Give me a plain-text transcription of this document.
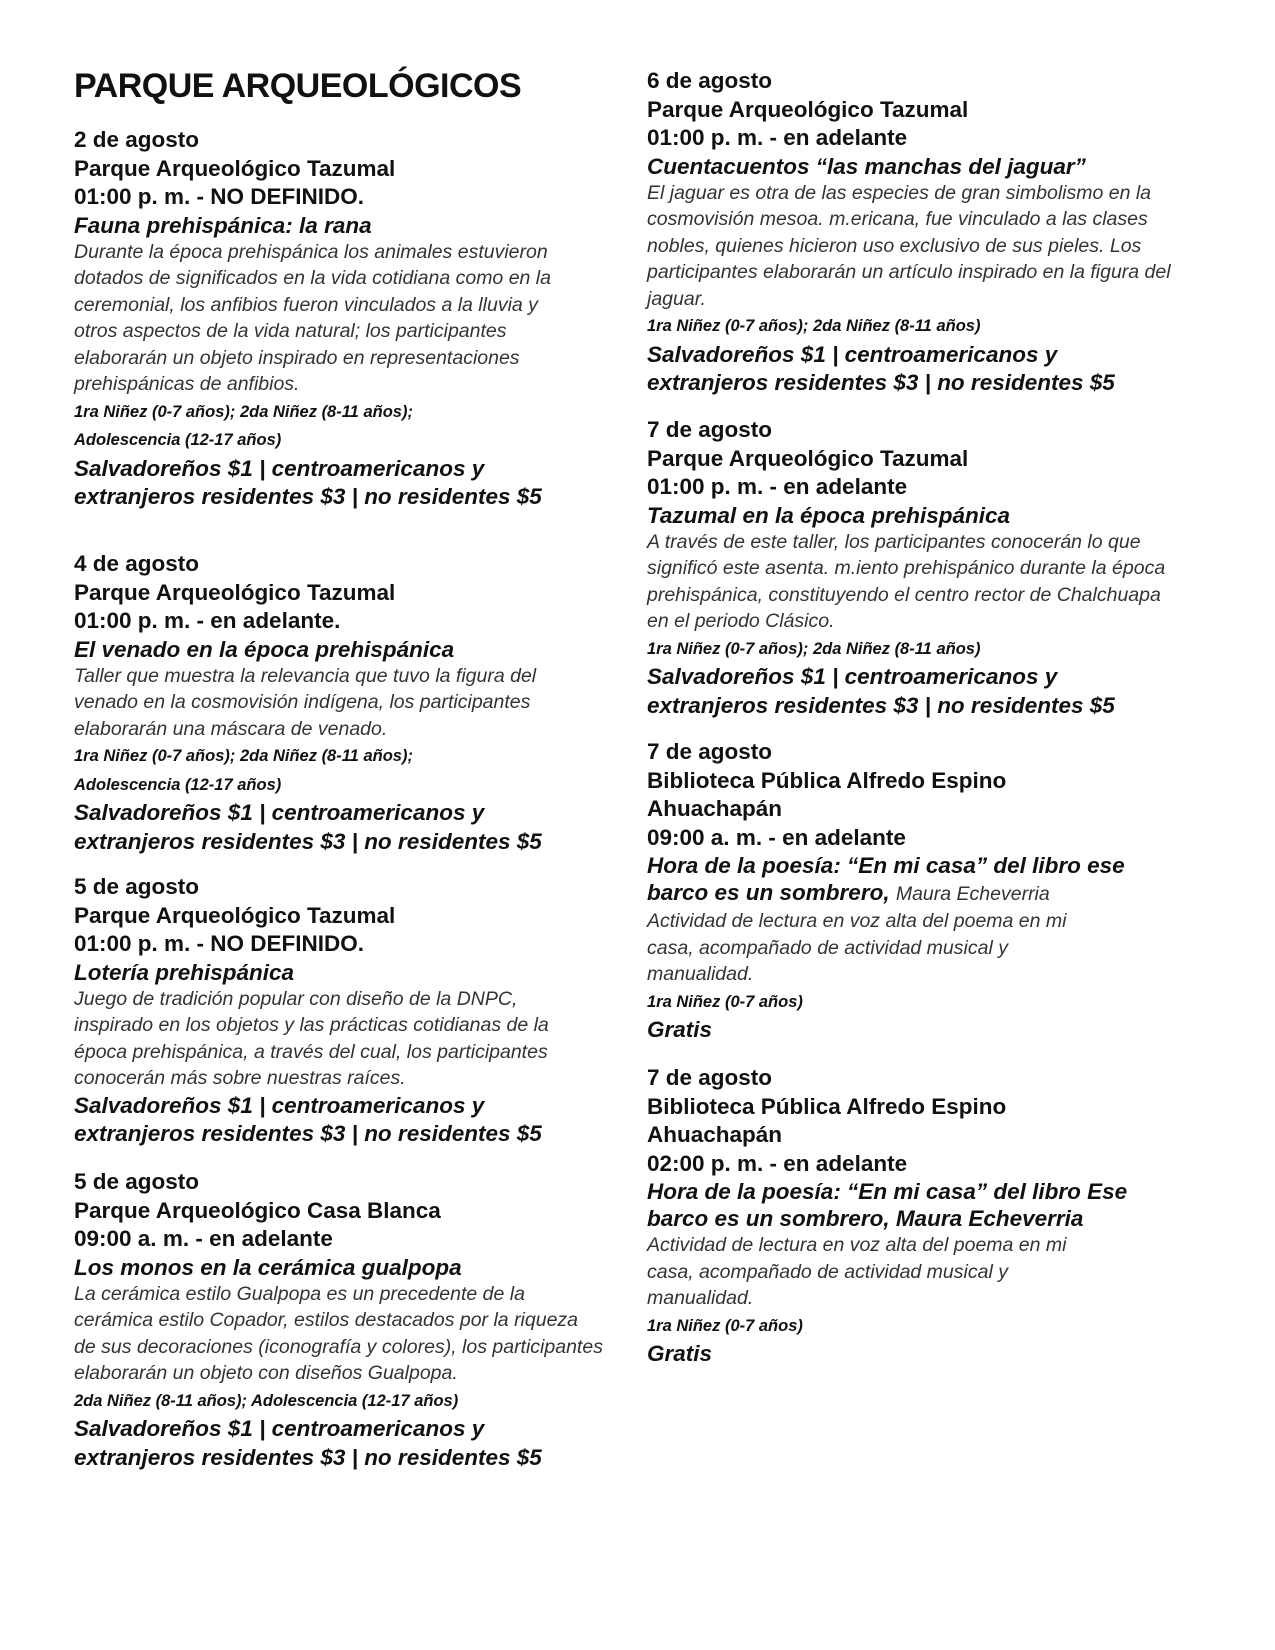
PARQUE ARQUEOLÓGICOS
2 de agosto
Parque Arqueológico Tazumal
01:00 p. m. - NO DEFINIDO.
Fauna prehispánica: la rana
Durante la época prehispánica los animales estuvieron dotados de significados en la vida cotidiana como en la ceremonial, los anfibios fueron vinculados a la lluvia y otros aspectos de la vida natural; los participantes elaborarán un objeto inspirado en representaciones prehispánicas de anfibios.
1ra Niñez (0-7 años); 2da Niñez (8-11 años); Adolescencia (12-17 años)
Salvadoreños $1 | centroamericanos y extranjeros residentes $3 | no residentes $5
4 de agosto
Parque Arqueológico Tazumal
01:00 p. m. - en adelante.
El venado en la época prehispánica
Taller que muestra la relevancia que tuvo la figura del venado en la cosmovisión indígena, los participantes elaborarán una máscara de venado.
1ra Niñez (0-7 años); 2da Niñez (8-11 años); Adolescencia (12-17 años)
Salvadoreños $1 | centroamericanos y extranjeros residentes $3 | no residentes $5
5 de agosto
Parque Arqueológico Tazumal
01:00 p. m. - NO DEFINIDO.
Lotería prehispánica
Juego de tradición popular con diseño de la DNPC, inspirado en los objetos y las prácticas cotidianas de la época prehispánica, a través del cual, los participantes conocerán más sobre nuestras raíces.
Salvadoreños $1 | centroamericanos y extranjeros residentes $3 | no residentes $5
5 de agosto
Parque Arqueológico Casa Blanca
09:00 a. m. - en adelante
Los monos en la cerámica gualpopa
La cerámica estilo Gualpopa es un precedente de la cerámica estilo Copador, estilos destacados por la riqueza de sus decoraciones (iconografía y colores), los participantes elaborarán un objeto con diseños Gualpopa.
2da Niñez (8-11 años); Adolescencia (12-17 años)
Salvadoreños $1 | centroamericanos y extranjeros residentes $3 | no residentes $5
6 de agosto
Parque Arqueológico Tazumal
01:00 p. m. - en adelante
Cuentacuentos “las manchas del jaguar”
El jaguar es otra de las especies de gran simbolismo en la cosmovisión mesoa. m.ericana, fue vinculado a las clases nobles, quienes hicieron uso exclusivo de sus pieles. Los participantes elaborarán un artículo inspirado en la figura del jaguar.
1ra Niñez (0-7 años); 2da Niñez (8-11 años)
Salvadoreños $1 | centroamericanos y extranjeros residentes $3 | no residentes $5
7 de agosto
Parque Arqueológico Tazumal
01:00 p. m. - en adelante
Tazumal en la época prehispánica
A través de este taller, los participantes conocerán lo que significó este asenta. m.iento prehispánico durante la época prehispánica, constituyendo el centro rector de Chalchuapa en el periodo Clásico.
1ra Niñez (0-7 años); 2da Niñez (8-11 años)
Salvadoreños $1 | centroamericanos y extranjeros residentes $3 | no residentes $5
7 de agosto
Biblioteca Pública Alfredo Espino Ahuachapán
09:00 a. m. - en adelante
Hora de la poesía: “En mi casa” del libro ese barco es un sombrero, Maura Echeverria
Actividad de lectura en voz alta del poema en mi casa, acompañado de actividad musical y manualidad.
1ra Niñez (0-7 años)
Gratis
7 de agosto
Biblioteca Pública Alfredo Espino Ahuachapán
02:00 p. m. - en adelante
Hora de la poesía: “En mi casa” del libro Ese barco es un sombrero, Maura Echeverria
Actividad de lectura en voz alta del poema en mi casa, acompañado de actividad musical y manualidad.
1ra Niñez (0-7 años)
Gratis
